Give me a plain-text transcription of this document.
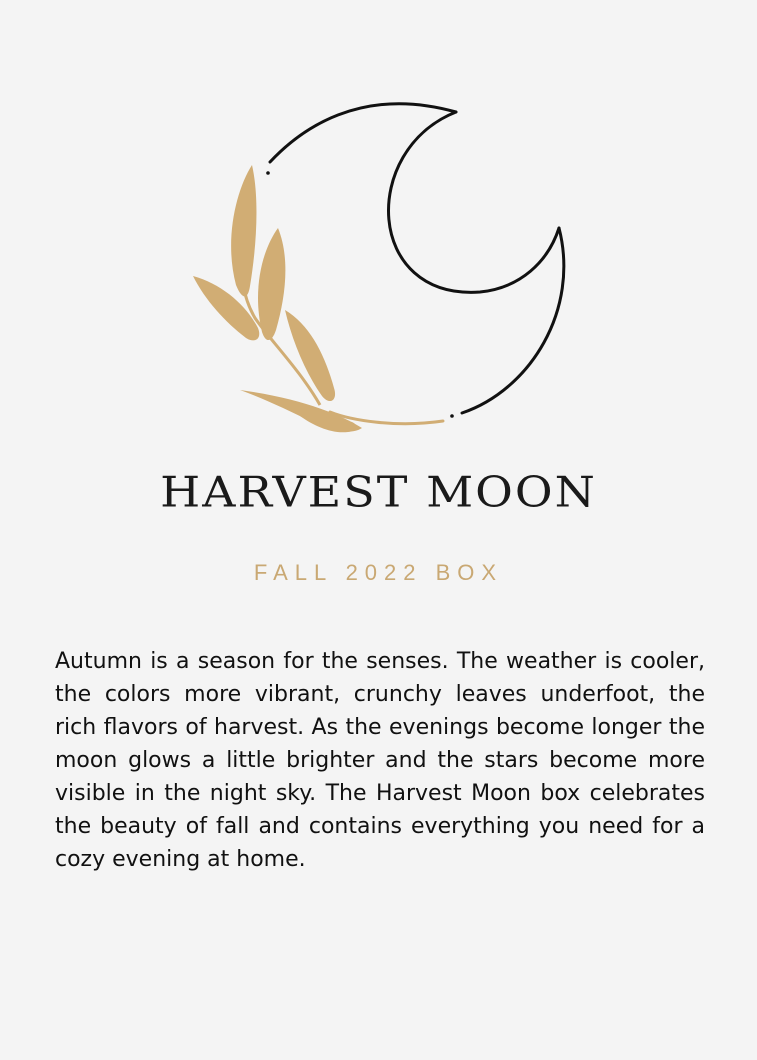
HARVEST MOON
FALL 2022 BOX

Autumn is a season for the senses. The weather is cooler, the colors more vibrant, crunchy leaves underfoot, the rich flavors of harvest. As the evenings become longer the moon glows a little brighter and the stars become more visible in the night sky. The Harvest Moon box celebrates the beauty of fall and contains everything you need for a cozy evening at home.
